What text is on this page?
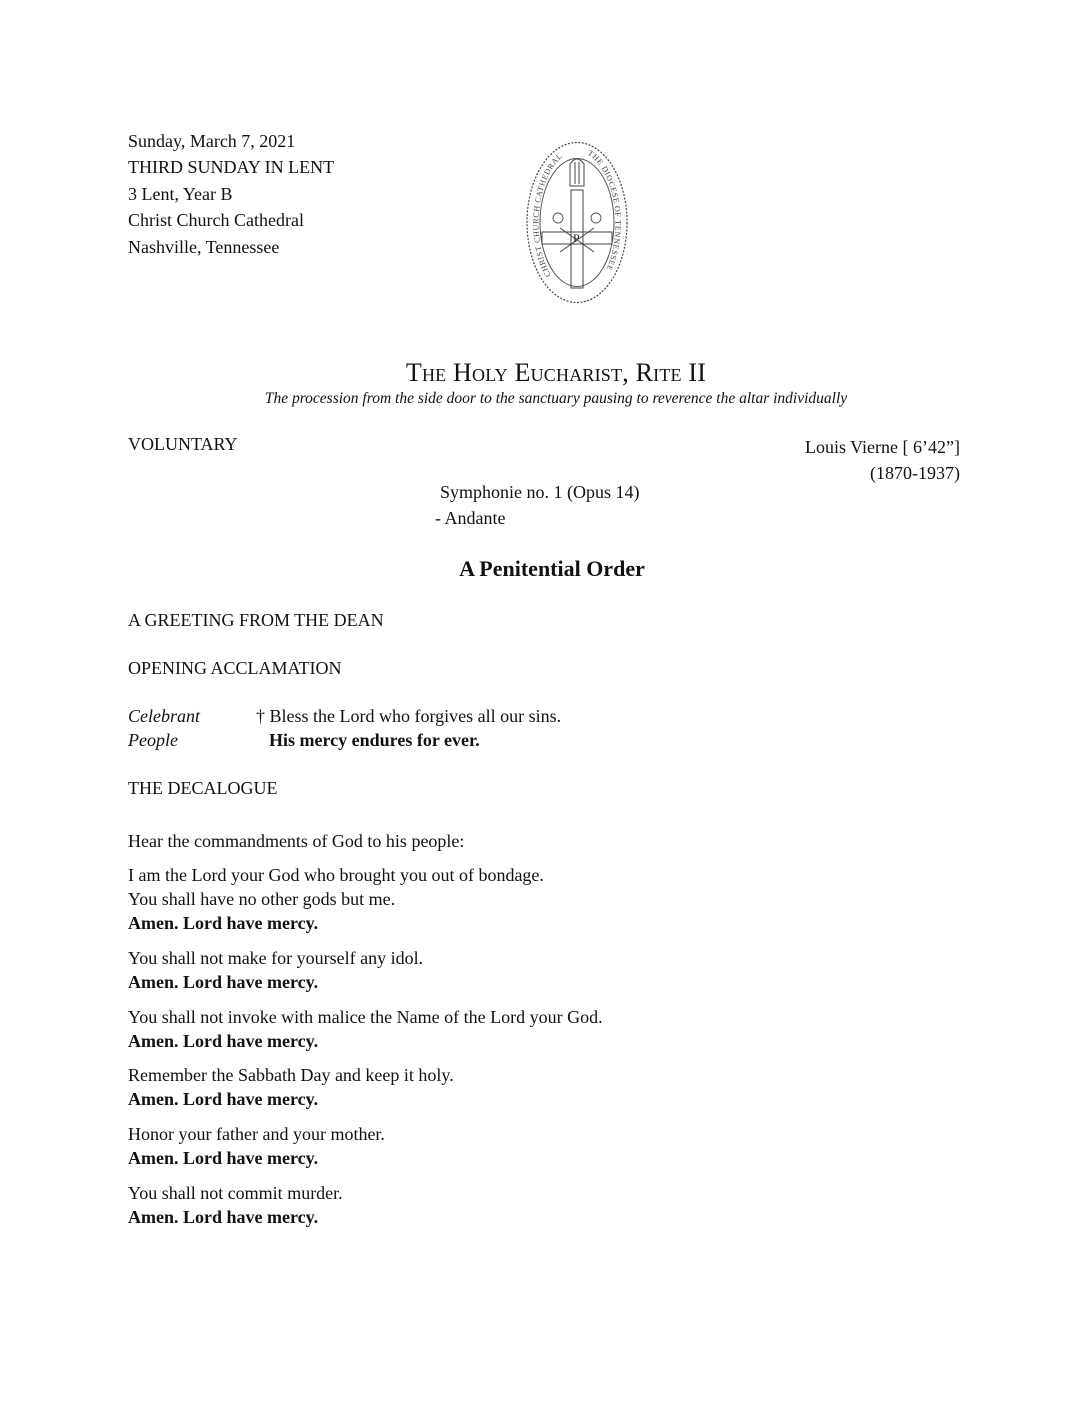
Sunday, March 7, 2021
THIRD SUNDAY IN LENT
3 Lent, Year B
Christ Church Cathedral
Nashville, Tennessee
CHRIST CHURCH CATHEDRAL	THE DIOCESE OF TENNESSEE
P
The Holy Eucharist, Rite II
The procession from the side door to the sanctuary pausing to reverence the altar individually
VOLUNTARY	Louis Vierne [ 6’42”]
(1870-1937)
Symphonie no. 1 (Opus 14)
- Andante
A Penitential Order
A GREETING FROM THE DEAN
OPENING ACCLAMATION
Celebrant	† Bless the Lord who forgives all our sins.
People	His mercy endures for ever.
THE DECALOGUE
Hear the commandments of God to his people:
I am the Lord your God who brought you out of bondage.
You shall have no other gods but me.
Amen. Lord have mercy.
You shall not make for yourself any idol.
Amen. Lord have mercy.
You shall not invoke with malice the Name of the Lord your God.
Amen. Lord have mercy.
Remember the Sabbath Day and keep it holy.
Amen. Lord have mercy.
Honor your father and your mother.
Amen. Lord have mercy.
You shall not commit murder.
Amen. Lord have mercy.
